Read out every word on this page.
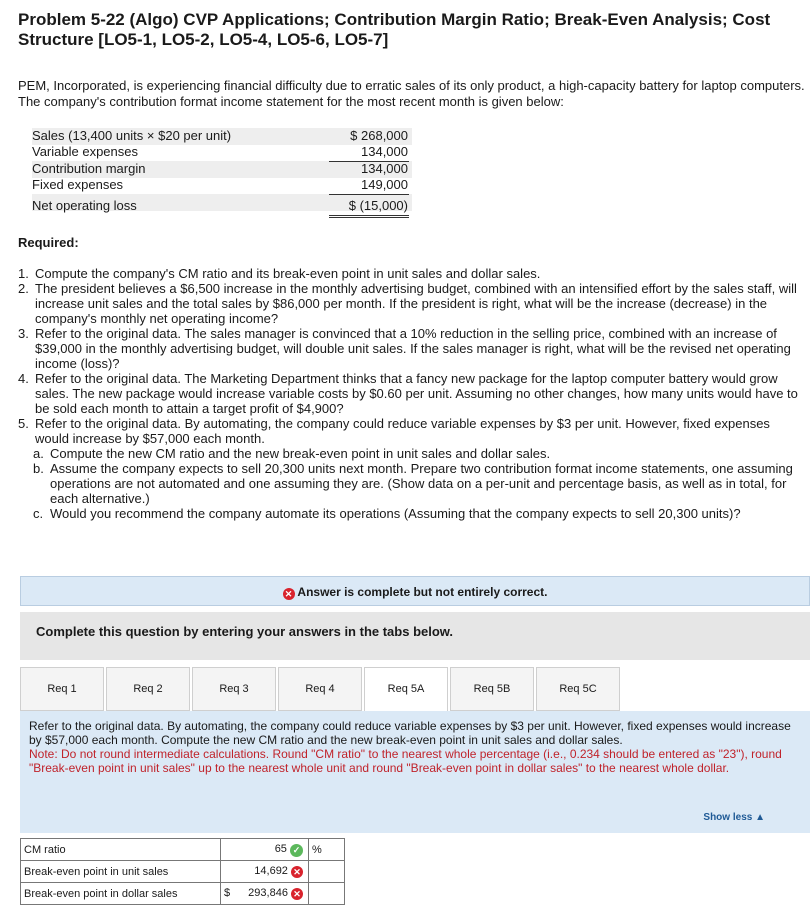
Problem 5-22 (Algo) CVP Applications; Contribution Margin Ratio; Break-Even Analysis; Cost Structure [LO5-1, LO5-2, LO5-4, LO5-6, LO5-7]
PEM, Incorporated, is experiencing financial difficulty due to erratic sales of its only product, a high-capacity battery for laptop computers. The company's contribution format income statement for the most recent month is given below:
Sales (13,400 units × $20 per unit)	$ 268,000
Variable expenses	134,000
Contribution margin	134,000
Fixed expenses	149,000
Net operating loss	$ (15,000)
Required:
1. Compute the company's CM ratio and its break-even point in unit sales and dollar sales.
2. The president believes a $6,500 increase in the monthly advertising budget, combined with an intensified effort by the sales staff, will increase unit sales and the total sales by $86,000 per month. If the president is right, what will be the increase (decrease) in the company's monthly net operating income?
3. Refer to the original data. The sales manager is convinced that a 10% reduction in the selling price, combined with an increase of $39,000 in the monthly advertising budget, will double unit sales. If the sales manager is right, what will be the revised net operating income (loss)?
4. Refer to the original data. The Marketing Department thinks that a fancy new package for the laptop computer battery would grow sales. The new package would increase variable costs by $0.60 per unit. Assuming no other changes, how many units would have to be sold each month to attain a target profit of $4,900?
5. Refer to the original data. By automating, the company could reduce variable expenses by $3 per unit. However, fixed expenses would increase by $57,000 each month.
a. Compute the new CM ratio and the new break-even point in unit sales and dollar sales.
b. Assume the company expects to sell 20,300 units next month. Prepare two contribution format income statements, one assuming operations are not automated and one assuming they are. (Show data on a per-unit and percentage basis, as well as in total, for each alternative.)
c. Would you recommend the company automate its operations (Assuming that the company expects to sell 20,300 units)?
✕ Answer is complete but not entirely correct.
Complete this question by entering your answers in the tabs below.
Req 1	Req 2	Req 3	Req 4	Req 5A	Req 5B	Req 5C
Refer to the original data. By automating, the company could reduce variable expenses by $3 per unit. However, fixed expenses would increase by $57,000 each month. Compute the new CM ratio and the new break-even point in unit sales and dollar sales.
Note: Do not round intermediate calculations. Round "CM ratio" to the nearest whole percentage (i.e., 0.234 should be entered as "23"), round "Break-even point in unit sales" up to the nearest whole unit and round "Break-even point in dollar sales" to the nearest whole dollar.
Show less ▲
CM ratio	65 ✓	%
Break-even point in unit sales	14,692 ✕	

Break-even point in dollar sales	$ 293,846 ✕	
